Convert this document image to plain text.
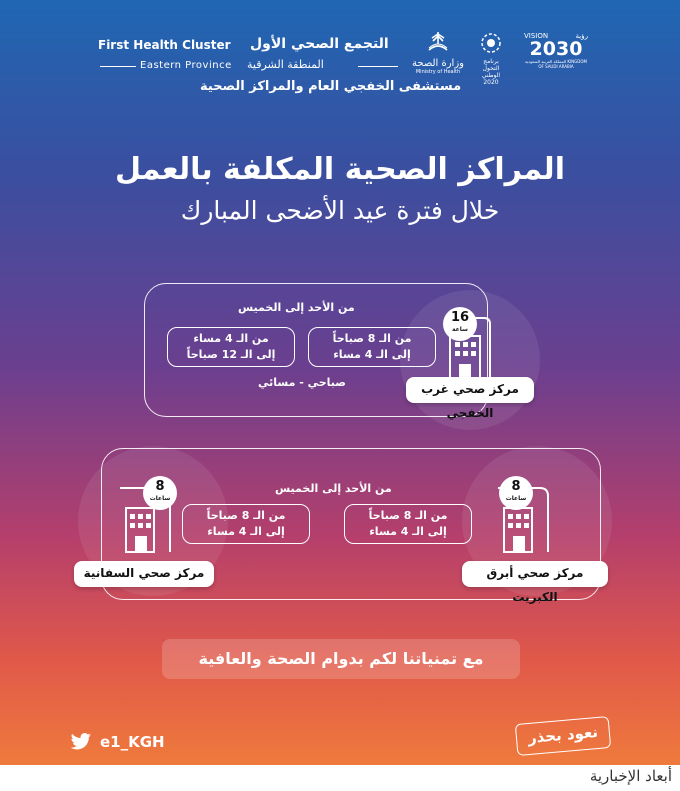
VISION	رؤية
2030
المملكة العربية السعودية KINGDOM OF SAUDI ARABIA
برنامج التحول الوطني
2020
وزارة الصحة
Ministry of Health
First Health Cluster التجمع الصحي الأول
Eastern Province المنطقة الشرقية
مستشفى الخفجي العام والمراكز الصحية
المراكز الصحية المكلفة بالعمل
خلال فترة عيد الأضحى المبارك
من الأحد إلى الخميس
من الـ 8 صباحاً
إلى الـ 4 مساء
من الـ 4 مساء
إلى الـ 12 صباحاً
صباحي - مسائي
16
ساعة
مركز صحي غرب الخفجي
من الأحد إلى الخميس
من الـ 8 صباحاً
إلى الـ 4 مساء
من الـ 8 صباحاً
إلى الـ 4 مساء
8
ساعات
مركز صحي أبرق الكبريت
8
ساعات
مركز صحي السفانية
مع تمنياتنا لكم بدوام الصحة والعافية
e1_KGH	نعود بحذر
أبعاد الإخبارية
